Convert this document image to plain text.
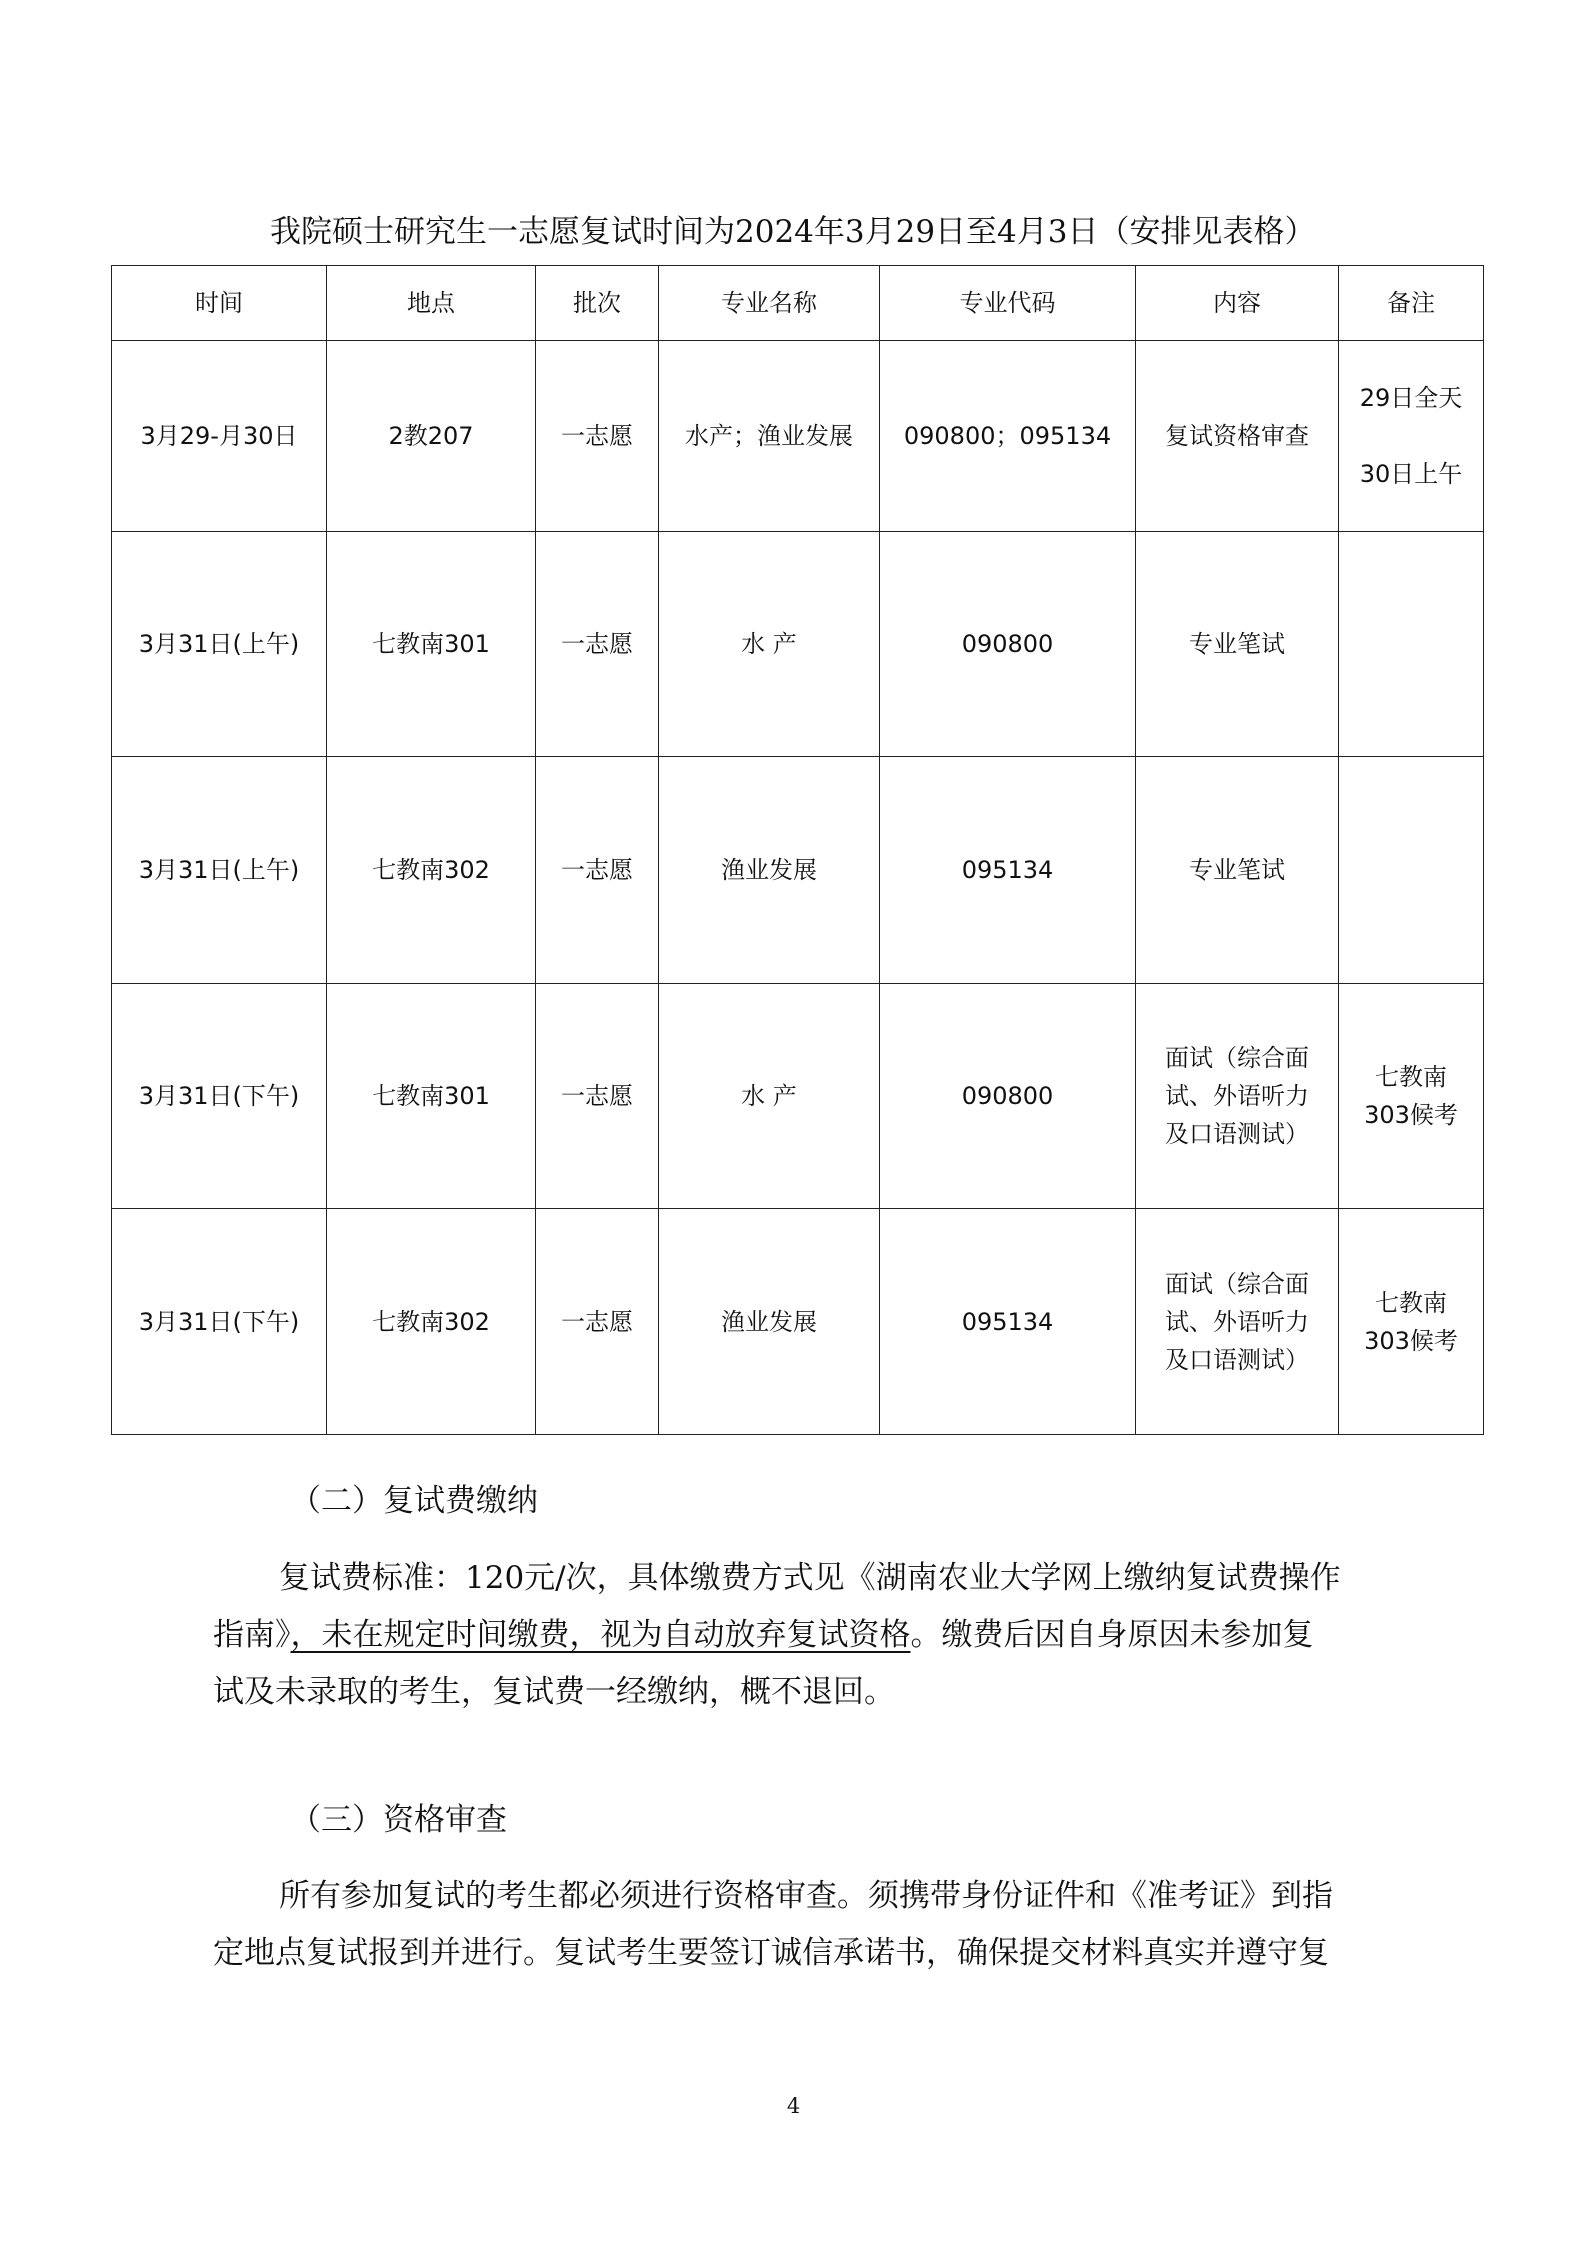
我院硕士研究生一志愿复试时间为2024年3月29日至4月3日（安排见表格）
时间	地点	批次	专业名称	专业代码	内容	备注
3月29-月30日	2教207	一志愿	水产；渔业发展	090800；095134	复试资格审查	29日全天
30日上午
3月31日(上午)	七教南301	一志愿	水 产	090800	专业笔试	
3月31日(上午)	七教南302	一志愿	渔业发展	095134	专业笔试	
3月31日(下午)	七教南301	一志愿	水 产	090800	面试（综合面
试、外语听力
及口语测试）	七教南
303候考
3月31日(下午)	七教南302	一志愿	渔业发展	095134	面试（综合面
试、外语听力
及口语测试）	七教南
303候考
（二）复试费缴纳
复试费标准：120元/次，具体缴费方式见《湖南农业大学网上缴纳复试费操作
指南》，未在规定时间缴费，视为自动放弃复试资格。缴费后因自身原因未参加复
试及未录取的考生，复试费一经缴纳，概不退回。
（三）资格审查
所有参加复试的考生都必须进行资格审查。须携带身份证件和《准考证》到指
定地点复试报到并进行。复试考生要签订诚信承诺书，确保提交材料真实并遵守复
4
